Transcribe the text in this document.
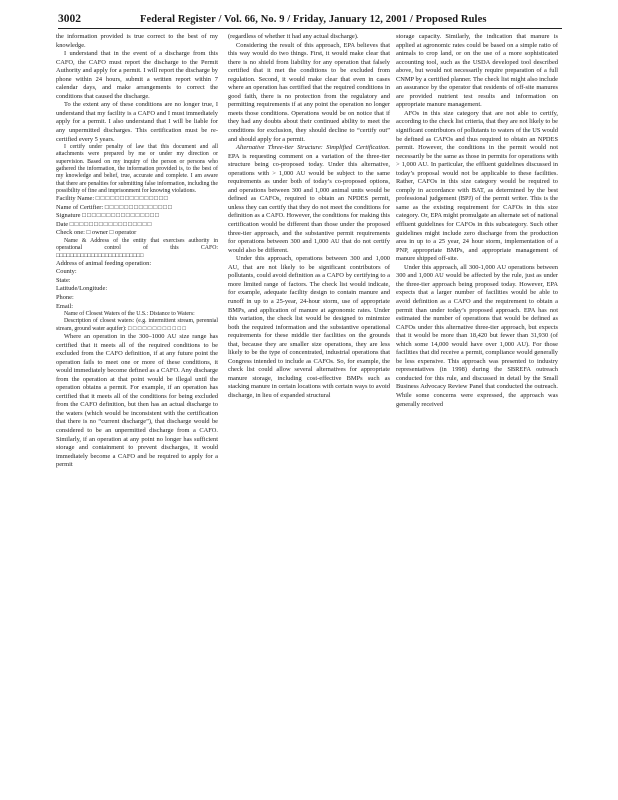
3002	Federal Register / Vol. 66, No. 9 / Friday, January 12, 2001 / Proposed Rules

the information provided is true correct to the best of my knowledge.

I understand that in the event of a discharge from this CAFO, the CAFO must report the discharge to the Permit Authority and apply for a permit. I will report the discharge by phone within 24 hours, submit a written report within 7 calendar days, and make arrangements to correct the conditions that caused the discharge.

To the extent any of these conditions are no longer true, I understand that my facility is a CAFO and I must immediately apply for a permit. I also understand that I will be liable for any unpermitted discharges. This certification must be re-certified every 5 years.

I certify under penalty of law that this document and all attachments were prepared by me or under my direction or supervision. Based on my inquiry of the person or persons who gathered the information, the information provided is, to the best of my knowledge and belief, true, accurate and complete. I am aware that there are penalties for submitting false information, including the possibility of fine and imprisonment for knowing violations.

Facility Name: □□□□□□□□□□□□□□□
Name of Certifier: □□□□□□□□□□□□□□
Signature □□□□□□□□□□□□□□□□
Date □□□□□□□□□□□□□□□□□

Check one: □ owner □ operator

Name & Address of the entity that exercises authority in operational control of this CAFO: □□□□□□□□□□□□□□□□□□□□□□□□□

Address of animal feeding operation:

County:

State:

Latitude/Longitude:

Phone:

Email:

Name of Closest Waters of the U.S.: Distance to Waters:

Description of closest waters: (e.g. intermittent stream, perennial stream, ground water aquifer): □ □ □ □ □ □ □ □ □ □ □ □

Where an operation in the 300–1000 AU size range has certified that it meets all of the required conditions to be excluded from the CAFO definition, if at any future point the operation fails to meet one or more of these conditions, it would immediately become defined as a CAFO. Any discharge from the operation at that point would be illegal until the operation obtains a permit. For example, if an operation has certified that it meets all of the conditions for being excluded from the CAFO definition, but then has an actual discharge to the waters (which would be inconsistent with the certification that there is no “current discharge”), that discharge would be considered to be an unpermitted discharge from a CAFO. Similarly, if an operation at any point no longer has sufficient storage and containment to prevent discharges, it would immediately become a CAFO and be required to apply for a permit

(regardless of whether it had any actual discharge).

Considering the result of this approach, EPA believes that this way would do two things. First, it would make clear that there is no shield from liability for any operation that falsely certified that it met the conditions to be excluded from regulation. Second, it would make clear that even in cases where an operation has certified that the required conditions in good faith, there is no protection from the regulatory and permitting requirements if at any point the operation no longer meets those conditions. Operations would be on notice that if they had any doubts about their continued ability to meet the conditions for exclusion, they should decline to “certify out” and should apply for a permit.

Alternative Three-tier Structure: Simplified Certification. EPA is requesting comment on a variation of the three-tier structure being co-proposed today. Under this alternative, operations with > 1,000 AU would be subject to the same requirements as under both of today’s co-proposed options, and operations between 300 and 1,000 animal units would be defined as CAFOs, required to obtain an NPDES permit, unless they can certify that they do not meet the conditions for definition as a CAFO. However, the conditions for making this certification would be different than those under the proposed three-tier approach, and the substantive permit requirements for operations between 300 and 1,000 AU that do not certify would also be different.

Under this approach, operations between 300 and 1,000 AU, that are not likely to be significant contributors of pollutants, could avoid definition as a CAFO by certifying to a more limited range of factors. The check list would indicate, for example, adequate facility design to contain manure and runoff in up to a 25-year, 24-hour storm, use of appropriate BMPs, and application of manure at agronomic rates. Under this variation, the check list would be designed to minimize both the required information and the substantive operational requirements for these middle tier facilities on the grounds that, because they are smaller size operations, they are less likely to be the type of concentrated, industrial operations that Congress intended to include as CAFOs. So, for example, the check list could allow several alternatives for appropriate manure storage, including cost-effective BMPs such as stacking manure in certain locations with certain ways to avoid discharge, in lieu of expanded structural

storage capacity. Similarly, the indication that manure is applied at agronomic rates could be based on a simple ratio of animals to crop land, or on the use of a more sophisticated accounting tool, such as the USDA developed tool described above, but would not necessarily require preparation of a full CNMP by a certified planner. The check list might also include an assurance by the operator that residents of off-site manures are provided nutrient test results and information on appropriate manure management.

AFOs in this size category that are not able to certify, according to the check list criteria, that they are not likely to be significant contributors of pollutants to waters of the US would be defined as CAFOs and thus required to obtain an NPDES permit. However, the conditions in the permit would not necessarily be the same as those in permits for operations with > 1,000 AU. In particular, the effluent guidelines discussed in today’s proposal would not be applicable to these facilities. Rather, CAFOs in this size category would be required to comply in accordance with BAT, as determined by the best professional judgement (BPJ) of the permit writer. This is the same as the existing requirement for CAFOs in this size category. Or, EPA might promulgate an alternate set of national effluent guidelines for CAFOs in this subcategory. Such other guidelines might include zero discharge from the production area in up to a 25 year, 24 hour storm, implementation of a PNP, appropriate BMPs, and appropriate management of manure shipped off-site.

Under this approach, all 300-1,000 AU operations between 300 and 1,000 AU would be affected by the rule, just as under the three-tier approach being proposed today. However, EPA expects that a larger number of facilities would be able to avoid definition as a CAFO and the requirement to obtain a permit than under today’s proposed approach. EPA has not estimated the number of operations that would be defined as CAFOs under this alternative three-tier approach, but expects that it would be more than 18,420 but fewer than 31,930 (of which some 14,000 would have over 1,000 AU). For those facilities that did receive a permit, compliance would generally be less expensive. This approach was presented to industry representatives (in 1998) during the SBREFA outreach conducted for this rule, and discussed in detail by the Small Business Advocacy Review Panel that conducted the outreach. While some concerns were expressed, the approach was generally received
